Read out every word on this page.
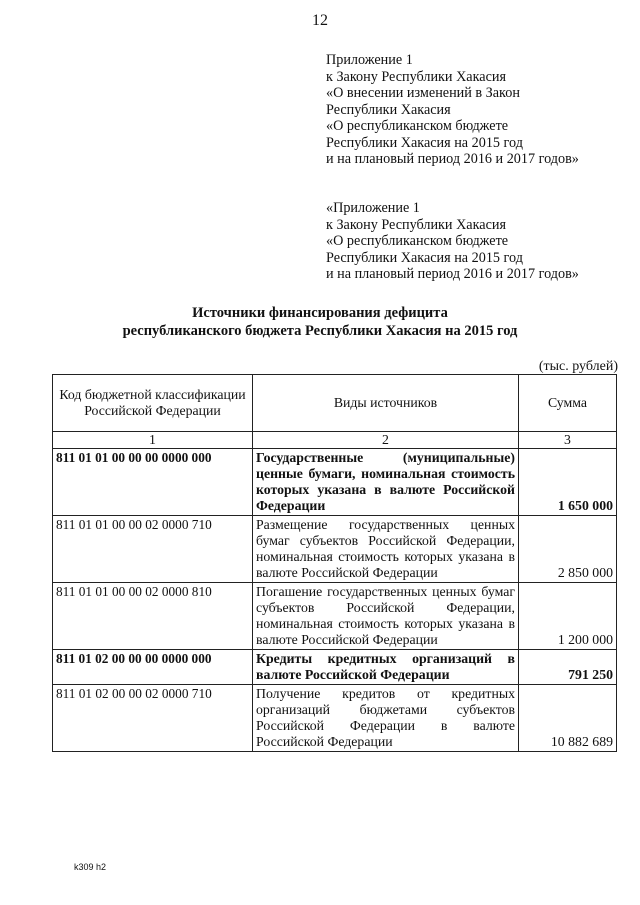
12
Приложение 1
к Закону Республики Хакасия
«О внесении изменений в Закон
Республики Хакасия
«О республиканском бюджете
Республики Хакасия на 2015 год
и на плановый период 2016 и 2017 годов»
«Приложение 1
к Закону Республики Хакасия
«О республиканском бюджете
Республики Хакасия на 2015 год
и на плановый период 2016 и 2017 годов»
Источники финансирования дефицита
республиканского бюджета Республики Хакасия на 2015 год
(тыс. рублей)
Код бюджетной классификации Российской Федерации	Виды источников	Сумма
1	2	3
811 01 01 00 00 00 0000 000	Государственные (муниципальные) ценные бумаги, номинальная стоимость которых указана в валюте Российской Федерации	1 650 000
811 01 01 00 00 02 0000 710	Размещение государственных ценных бумаг субъектов Российской Федерации, номинальная стоимость которых указана в валюте Российской Федерации	2 850 000
811 01 01 00 00 02 0000 810	Погашение государственных ценных бумаг субъектов Российской Федерации, номинальная стоимость которых указана в валюте Российской Федерации	1 200 000
811 01 02 00 00 00 0000 000	Кредиты кредитных организаций в валюте Российской Федерации	791 250
811 01 02 00 00 02 0000 710	Получение кредитов от кредитных организаций бюджетами субъектов Российской Федерации в валюте Российской Федерации	10 882 689
k309 h2
